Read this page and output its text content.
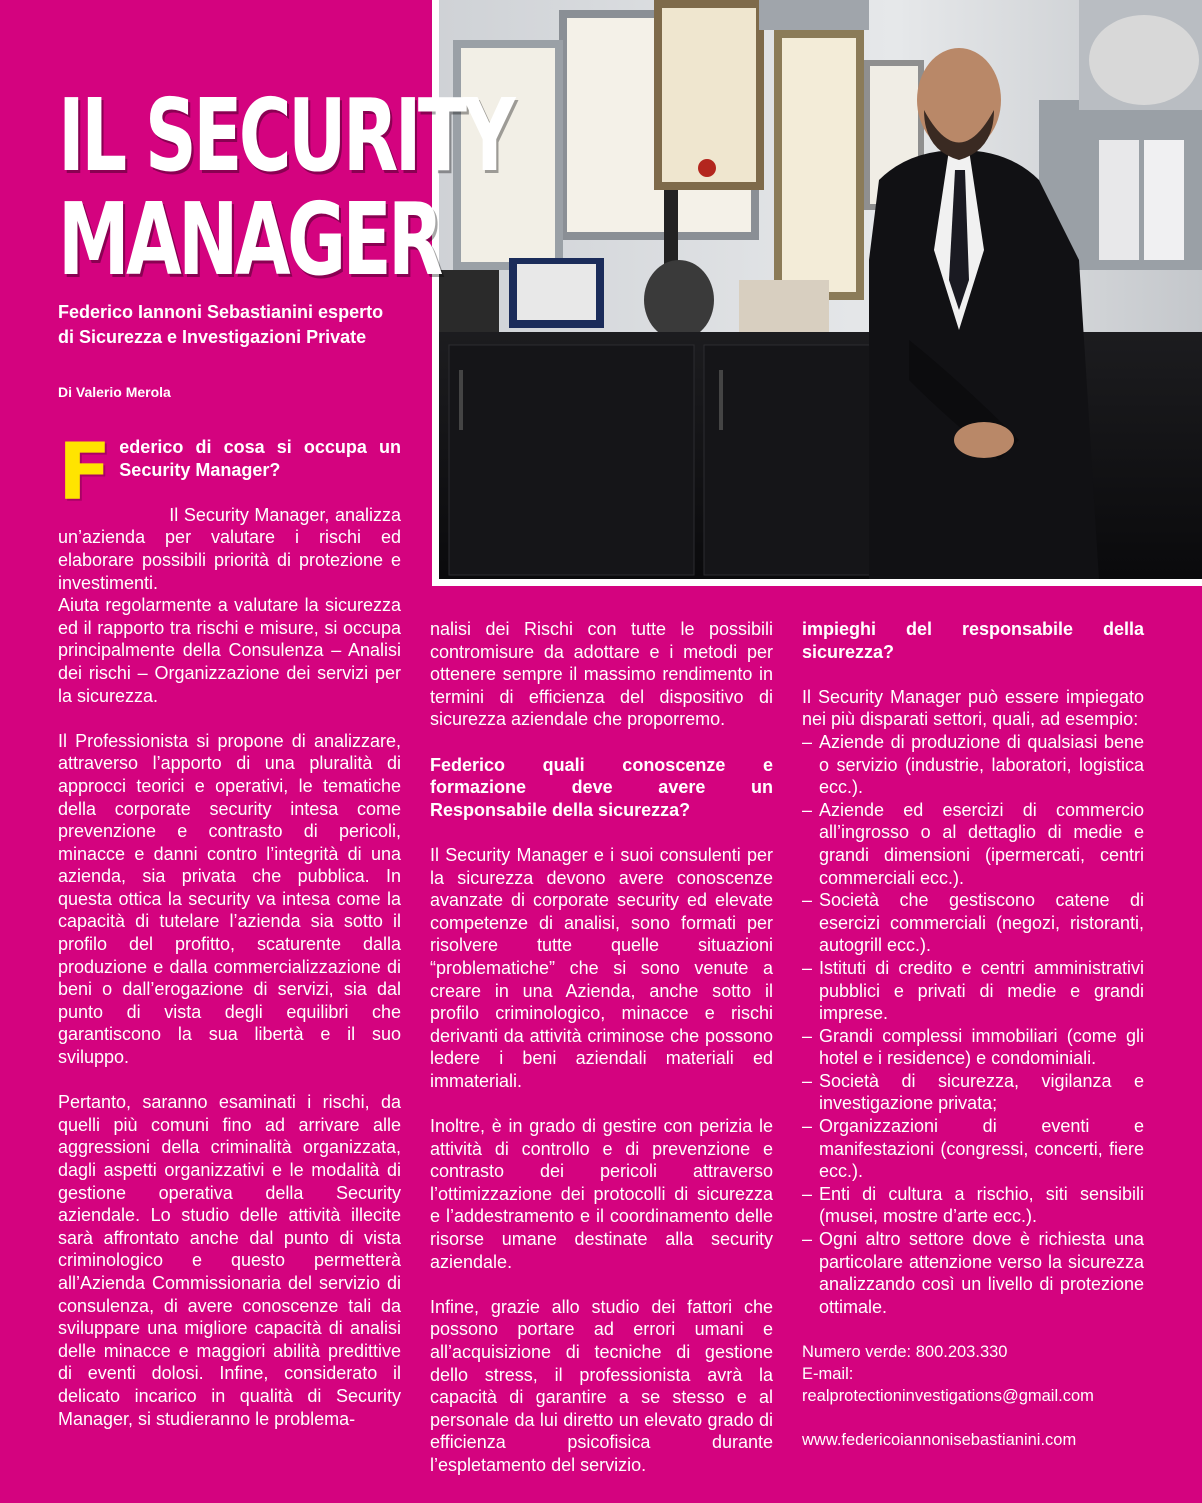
IL SECURITY
MANAGER

Federico Iannoni Sebastianini esperto di Sicurezza e Investigazioni Private

Di Valerio Merola

Federico di cosa si occupa un Security Manager?

Il Security Manager, analizza un’azienda per valutare i rischi ed elaborare possibili priorità di protezione e investimenti.

Aiuta regolarmente a valutare la sicurezza ed il rapporto tra rischi e misure, si occupa principalmente della Consulenza – Analisi dei rischi – Organizzazione dei servizi per la sicurezza.

Il Professionista si propone di analizzare, attraverso l’apporto di una pluralità di approcci teorici e operativi, le tematiche della corporate security intesa come prevenzione e contrasto di pericoli, minacce e danni contro l’integrità di una azienda, sia privata che pubblica. In questa ottica la security va intesa come la capacità di tutelare l’azienda sia sotto il profilo del profitto, scaturente dalla produzione e dalla commercializzazione di beni o dall’erogazione di servizi, sia dal punto di vista degli equilibri che garantiscono la sua libertà e il suo sviluppo.

Pertanto, saranno esaminati i rischi, da quelli più comuni fino ad arrivare alle aggressioni della criminalità organizzata, dagli aspetti organizzativi e le modalità di gestione operativa della Security aziendale. Lo studio delle attività illecite sarà affrontato anche dal punto di vista criminologico e questo permetterà all’Azienda Commissionaria del servizio di consulenza, di avere conoscenze tali da sviluppare una migliore capacità di analisi delle minacce e maggiori abilità predittive di eventi dolosi. Infine, considerato il delicato incarico in qualità di Security Manager, si studieranno le problema-

nalisi dei Rischi con tutte le possibili contromisure da adottare e i metodi per ottenere sempre il massimo rendimento in termini di efficienza del dispositivo di sicurezza aziendale che proporremo.

Federico quali conoscenze e formazione deve avere un Responsabile della sicurezza?

Il Security Manager e i suoi consulenti per la sicurezza devono avere conoscenze avanzate di corporate security ed elevate competenze di analisi, sono formati per risolvere tutte quelle situazioni “problematiche” che si sono venute a creare in una Azienda, anche sotto il profilo criminologico, minacce e rischi derivanti da attività criminose che possono ledere i beni aziendali materiali ed immateriali.

Inoltre, è in grado di gestire con perizia le attività di controllo e di prevenzione e contrasto dei pericoli attraverso l’ottimizzazione dei protocolli di sicurezza e l’addestramento e il coordinamento delle risorse umane destinate alla security aziendale.

Infine, grazie allo studio dei fattori che possono portare ad errori umani e all’acquisizione di tecniche di gestione dello stress, il professionista avrà la capacità di garantire a se stesso e al personale da lui diretto un elevato grado di efficienza psicofisica durante l’espletamento del servizio.

impieghi del responsabile della sicurezza?

Il Security Manager può essere impiegato nei più disparati settori, quali, ad esempio:

– Aziende di produzione di qualsiasi bene o servizio (industrie, laboratori, logistica ecc.).
– Aziende ed esercizi di commercio all’ingrosso o al dettaglio di medie e grandi dimensioni (ipermercati, centri commerciali ecc.).
– Società che gestiscono catene di esercizi commerciali (negozi, ristoranti, autogrill ecc.).
– Istituti di credito e centri amministrativi pubblici e privati di medie e grandi imprese.
– Grandi complessi immobiliari (come gli hotel e i residence) e condominiali.
– Società di sicurezza, vigilanza e investigazione privata;
– Organizzazioni di eventi e manifestazioni (congressi, concerti, fiere ecc.).
– Enti di cultura a rischio, siti sensibili (musei, mostre d’arte ecc.).
– Ogni altro settore dove è richiesta una particolare attenzione verso la sicurezza analizzando così un livello di protezione ottimale.
Numero verde: 800.203.330
E-mail:
realprotectioninvestigations@gmail.com
www.federicoiannonisebastianini.com
